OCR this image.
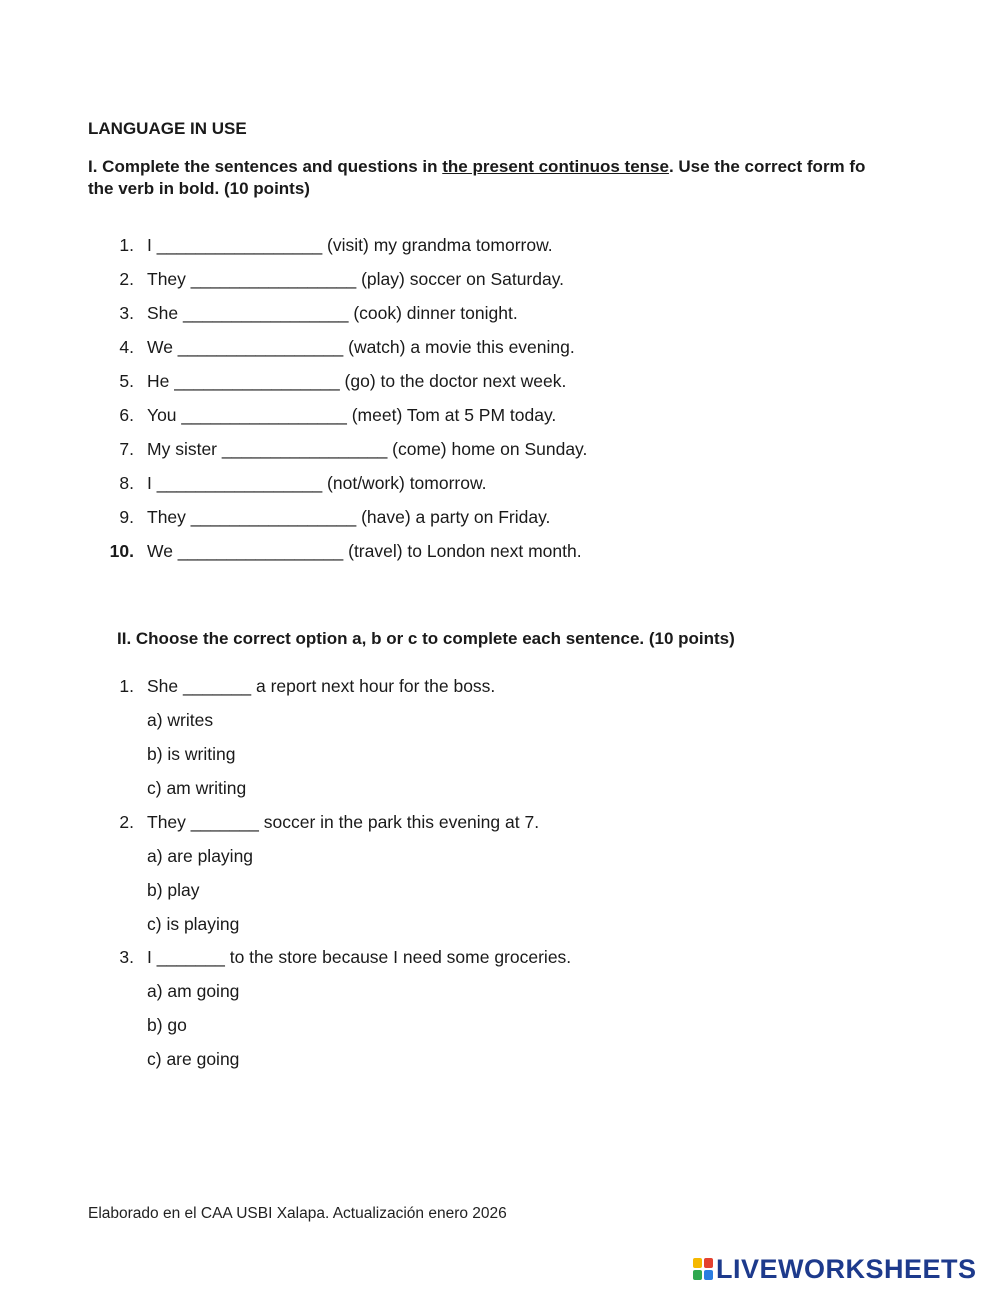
LANGUAGE IN USE
I. Complete the sentences and questions in the present continuos tense. Use the correct form fo the verb in bold. (10 points)
1. I _________________ (visit) my grandma tomorrow.
2. They _________________ (play) soccer on Saturday.
3. She _________________ (cook) dinner tonight.
4. We _________________ (watch) a movie this evening.
5. He _________________ (go) to the doctor next week.
6. You _________________ (meet) Tom at 5 PM today.
7. My sister _________________ (come) home on Sunday.
8. I _________________ (not/work) tomorrow.
9. They _________________ (have) a party on Friday.
10. We _________________ (travel) to London next month.
II. Choose the correct option a, b or c to complete each sentence. (10 points)
1. She _______ a report next hour for the boss.
a) writes
b) is writing
c) am writing
2. They _______ soccer in the park this evening at 7.
a) are playing
b) play
c) is playing
3. I _______ to the store because I need some groceries.
a) am going
b) go
c) are going
Elaborado en el CAA USBI Xalapa. Actualización enero 2026
LIVEWORKSHEETS
